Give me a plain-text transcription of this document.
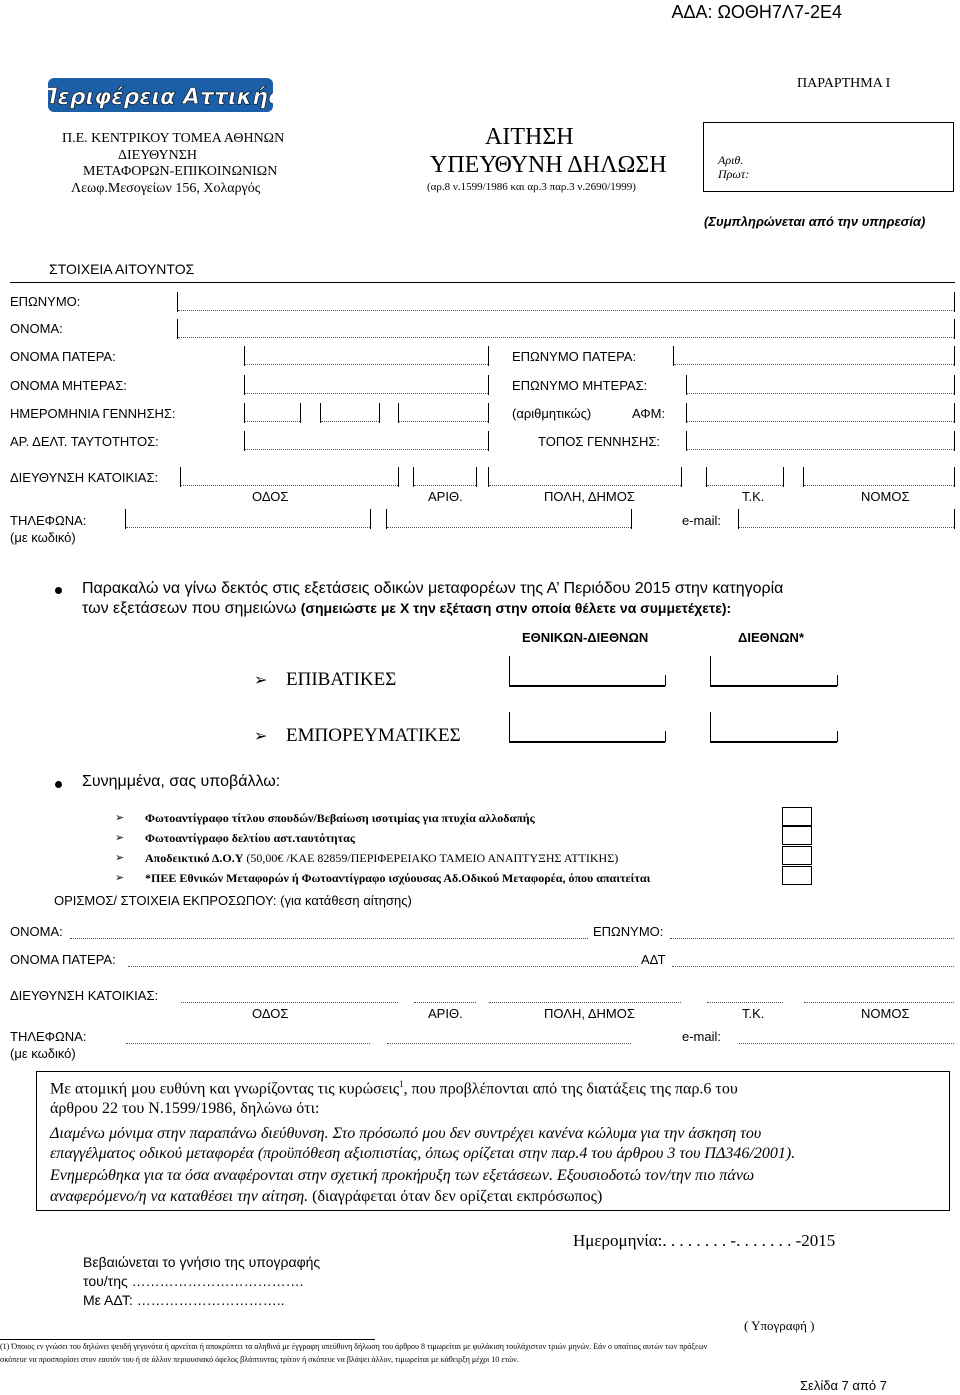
ΑΔΑ: ΩΟΘΗ7Λ7-2Ε4
Περιφέρεια Αττικής
ΠΑΡΑΡΤΗΜΑ Ι
Π.Ε. ΚΕΝΤΡΙΚΟΥ ΤΟΜΕΑ ΑΘΗΝΩΝ
ΔΙΕΥΘΥΝΣΗ
ΜΕΤΑΦΟΡΩΝ-ΕΠΙΚΟΙΝΩΝΙΩΝ
Λεωφ.Μεσογείων 156, Χολαργός
ΑΙΤΗΣΗ
ΥΠΕΥΘΥΝΗ ΔΗΛΩΣΗ
(αρ.8 ν.1599/1986 και αρ.3 παρ.3 ν.2690/1999)
Αριθ.
Πρωτ:
(Συμπληρώνεται από την υπηρεσία)
ΣΤΟΙΧΕΙΑ ΑΙΤΟΥΝΤΟΣ
ΕΠΩΝΥΜΟ:
ΟΝΟΜΑ:
ΟΝΟΜΑ ΠΑΤΕΡΑ:	ΕΠΩΝΥΜΟ ΠΑΤΕΡΑ:
ΟΝΟΜΑ ΜΗΤΕΡΑΣ:	ΕΠΩΝΥΜΟ ΜΗΤΕΡΑΣ:
ΗΜΕΡΟΜΗΝΙΑ ΓΕΝΝΗΣΗΣ:	(αριθμητικώς)	ΑΦΜ:
ΑΡ. ΔΕΛΤ. ΤΑΥΤΟΤΗΤΟΣ:	ΤΟΠΟΣ ΓΕΝΝΗΣΗΣ:
ΔΙΕΥΘΥΝΣΗ ΚΑΤΟΙΚΙΑΣ:
ΟΔΟΣ	ΑΡΙΘ.	ΠΟΛΗ, ΔΗΜΟΣ	Τ.Κ.	ΝΟΜΟΣ
ΤΗΛΕΦΩΝΑ:
(με κωδικό)
e-mail:
Παρακαλώ να γίνω δεκτός στις εξετάσεις οδικών μεταφορέων της Α’ Περιόδου 2015 στην κατηγορία
των εξετάσεων που σημειώνω (σημειώστε με Χ την εξέταση στην οποία θέλετε να συμμετέχετε):
ΕΘΝΙΚΩΝ-ΔΙΕΘΝΩΝ	ΔΙΕΘΝΩΝ*
➢ ΕΠΙΒΑΤΙΚΕΣ
➢ ΕΜΠΟΡΕΥΜΑΤΙΚΕΣ
Συνημμένα, σας υποβάλλω:
➢ Φωτοαντίγραφο τίτλου σπουδών/Βεβαίωση ισοτιμίας για πτυχία αλλοδαπής
➢ Φωτοαντίγραφο δελτίου αστ.ταυτότητας
➢ Αποδεικτικό Δ.Ο.Υ (50,00€ /ΚΑΕ 82859/ΠΕΡΙΦΕΡΕΙΑΚΟ ΤΑΜΕΙΟ ΑΝΑΠΤΥΞΗΣ ΑΤΤΙΚΗΣ)
➢ *ΠΕΕ Εθνικών Μεταφορών ή Φωτοαντίγραφο ισχύουσας Αδ.Οδικού Μεταφορέα, όπου απαιτείται
ΟΡΙΣΜΟΣ/ ΣΤΟΙΧΕΙΑ ΕΚΠΡΟΣΩΠΟΥ: (για κατάθεση αίτησης)
ΟΝΟΜΑ:	ΕΠΩΝΥΜΟ:
ΟΝΟΜΑ ΠΑΤΕΡΑ:	ΑΔΤ
ΔΙΕΥΘΥΝΣΗ ΚΑΤΟΙΚΙΑΣ:
ΟΔΟΣ	ΑΡΙΘ.	ΠΟΛΗ, ΔΗΜΟΣ	Τ.Κ.	ΝΟΜΟΣ
ΤΗΛΕΦΩΝΑ:
(με κωδικό)
e-mail:
Με ατομική μου ευθύνη και γνωρίζοντας τις κυρώσεις$^1$, που προβλέπονται από της διατάξεις της παρ.6 του
άρθρου 22 του Ν.1599/1986, δηλώνω ότι:
Διαμένω μόνιμα στην παραπάνω διεύθυνση. Στο πρόσωπό μου δεν συντρέχει κανένα κώλυμα για την άσκηση του
επαγγέλματος οδικού μεταφορέα (προϋπόθεση αξιοπιστίας, όπως ορίζεται στην παρ.4 του άρθρου 3 του ΠΔ346/2001).
Ενημερώθηκα για τα όσα αναφέρονται στην σχετική προκήρυξη των εξετάσεων. Εξουσιοδοτώ τον/την πιο πάνω
αναφερόμενο/η να καταθέσει την αίτηση. (διαγράφεται όταν δεν ορίζεται εκπρόσωπος)
Ημερομηνία:. . . . . . . . -. . . . . . . -2015
Βεβαιώνεται το γνήσιο της υπογραφής
του/της ……………………………….
Με ΑΔΤ: …………………………..
( Υπογραφή )
(1) Όποιος εν γνώσει του δηλώνει ψευδή γεγονότα ή αρνείται ή αποκρύπτει τα αληθινά με έγγραφη υπεύθυνη δήλωση του άρθρου 8 τιμωρείται με φυλάκιση τουλάχιστον τριών μηνών. Εάν ο υπαίτιος αυτών των πράξεων
σκόπευε να προσπορίσει στον εαυτόν του ή σε άλλον περιουσιακό όφελος βλάπτοντας τρίτον ή σκόπευε να βλάψει άλλον, τιμωρείται με κάθειρξη μέχρι 10 ετών.
Σελίδα 7 από 7
